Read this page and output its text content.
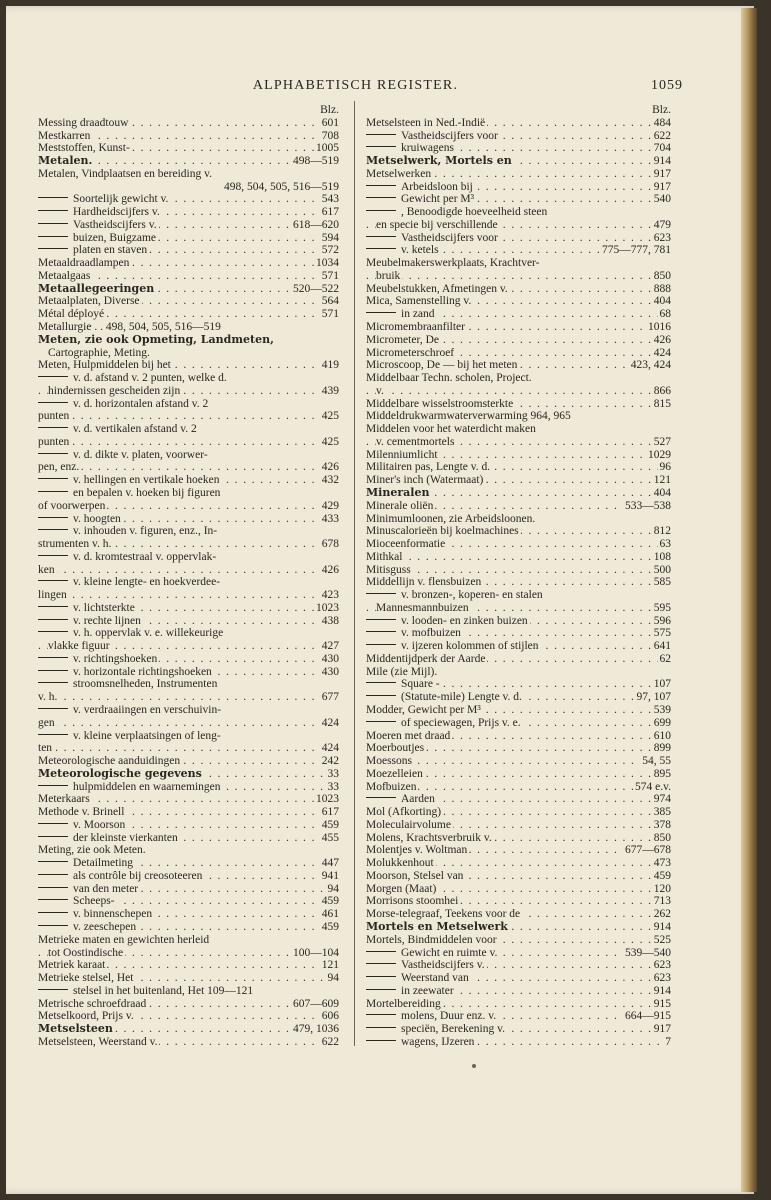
ALPHABETISCH REGISTER.	1059
Blz.
. . . Messing draadtouw	601
. . . Mestkarren	708
. . . Meststoffen, Kunst-	1005
. . . Metalen.	498—519
Metalen, Vindplaatsen en bereiding v.
498, 504, 505, 516—519
. . . Soortelijk gewicht v.	543
. . . Hardheidscijfers v.	617
. . . Vastheidscijfers v.	618—620
. . . buizen, Buigzame	594
. . . platen en staven	572
. . . Metaaldraadlampen	1034
. . . Metaalgaas	571
. . . Metaallegeeringen	520—522
. . . Metaalplaten, Diverse	564
. . . Métal déployé	571
Metallurgie . . 498, 504, 505, 516—519
Meten, zie ook Opmeting, Landmeten,
Cartographie, Meting.
. . . Meten, Hulpmiddelen bij het	419
v. d. afstand v. 2 punten, welke d.
. . . hindernissen gescheiden zijn	439
v. d. horizontalen afstand v. 2
. . . punten	425
v. d. vertikalen afstand v. 2
. . . punten	425
v. d. dikte v. platen, voorwer-
. . . pen, enz.	426
. . . v. hellingen en vertikale hoeken	432
en bepalen v. hoeken bij figuren
. . . of voorwerpen	429
. . . v. hoogten	433
v. inhouden v. figuren, enz., In-
. . . strumenten v. h.	678
v. d. kromtestraal v. oppervlak-
. . . ken	426
v. kleine lengte- en hoekverdee-
. . . lingen	423
. . . v. lichtsterkte	1023
. . . v. rechte lijnen	438
v. h. oppervlak v. e. willekeurige
. . . vlakke figuur	427
. . . v. richtingshoeken	430
. . . v. horizontale richtingshoeken	430
stroomsnelheden, Instrumenten
. . . v. h.	677
v. verdraaiingen en verschuivin-
. . . gen	424
v. kleine verplaatsingen of leng-
. . . ten	424
. . . Meteorologische aanduidingen	242
. . . Meteorologische gegevens	33
. . . hulpmiddelen en waarnemingen	33
. . . Meterkaars	1023
. . . Methode v. Brinell	617
. . . v. Moorson	459
. . . der kleinste vierkanten	455
Meting, zie ook Meten.
. . . Detailmeting	447
. . . als contrôle bij creosoteeren	941
. . . van den meter	94
. . . Scheeps-	459
. . . v. binnenschepen	461
. . . v. zeeschepen	459
Metrieke maten en gewichten herleid
. . . tot Oostindische	100—104
. . . Metriek karaat	121
. . . Metrieke stelsel, Het	94
stelsel in het buitenland, Het 109—121
. . . Metrische schroefdraad	607—609
. . . Metselkoord, Prijs v.	606
. . . Metselsteen	479, 1036
. . . Metselsteen, Weerstand v.	622
Blz.
. . . Metselsteen in Ned.-Indië	484
. . . Vastheidscijfers voor	622
. . . kruiwagens	704
. . . Metselwerk, Mortels en	914
. . . Metselwerken	917
. . . Arbeidsloon bij	917
. . . Gewicht per M³	540
, Benoodigde hoeveelheid steen
. . . en specie bij verschillende	479
. . . Vastheidscijfers voor	623
. . . v. ketels	775—777, 781
Meubelmakerswerkplaats, Krachtver-
. . . bruik	850
. . . Meubelstukken, Afmetingen v.	888
. . . Mica, Samenstelling v.	404
. . . in zand	68
. . . Micromembraanfilter	1016
. . . Micrometer, De	426
. . . Micrometerschroef	424
. . . Microscoop, De — bij het meten	423, 424
Middelbaar Techn. scholen, Project.
. . . v.	866
. . . Middelbare wisselstroomsterkte	815
Middeldrukwarmwaterverwarming 964, 965
Middelen voor het waterdicht maken
. . . v. cementmortels	527
. . . Milenniumlicht	1029
. . . Militairen pas, Lengte v. d.	96
. . . Miner's inch (Watermaat)	121
. . . Mineralen	404
. . . Minerale oliën	533—538
Minimumloonen, zie Arbeidsloonen.
. . . Minuscalorieën bij koelmachines	812
. . . Mioceenformatie	63
. . . Mithkal	108
. . . Mitisguss	500
. . . Middellijn v. flensbuizen	585
v. bronzen-, koperen- en stalen
. . . Mannesmannbuizen	595
. . . v. looden- en zinken buizen	596
. . . v. mofbuizen	575
. . . v. ijzeren kolommen of stijlen	641
. . . Middentijdperk der Aarde	62
Mile (zie Mijl).
. . . Square -	107
. . . (Statute-mile) Lengte v. d.	97, 107
. . . Modder, Gewicht per M³	539
. . . of speciewagen, Prijs v. e.	699
. . . Moeren met draad	610
. . . Moerboutjes	899
. . . Moessons	54, 55
. . . Moezelleien	895
. . . Mofbuizen	574 e.v.
. . . Aarden	974
. . . Mol (Afkorting)	385
. . . Moleculairvolume	378
. . . Molens, Krachtsverbruik v.	850
. . . Molentjes v. Woltman	677—678
. . . Molukkenhout	473
. . . Moorson, Stelsel van	459
. . . Morgen (Maat)	120
. . . Morrisons stoomhei	713
. . . Morse-telegraaf, Teekens voor de	262
. . . Mortels en Metselwerk	914
. . . Mortels, Bindmiddelen voor	525
. . . Gewicht en ruimte v.	539—540
. . . Vastheidscijfers v.	623
. . . Weerstand van	623
. . . in zeewater	914
. . . Mortelbereiding	915
. . . molens, Duur enz. v.	664—915
. . . speciën, Berekening v.	917
. . . wagens, IJzeren	7
